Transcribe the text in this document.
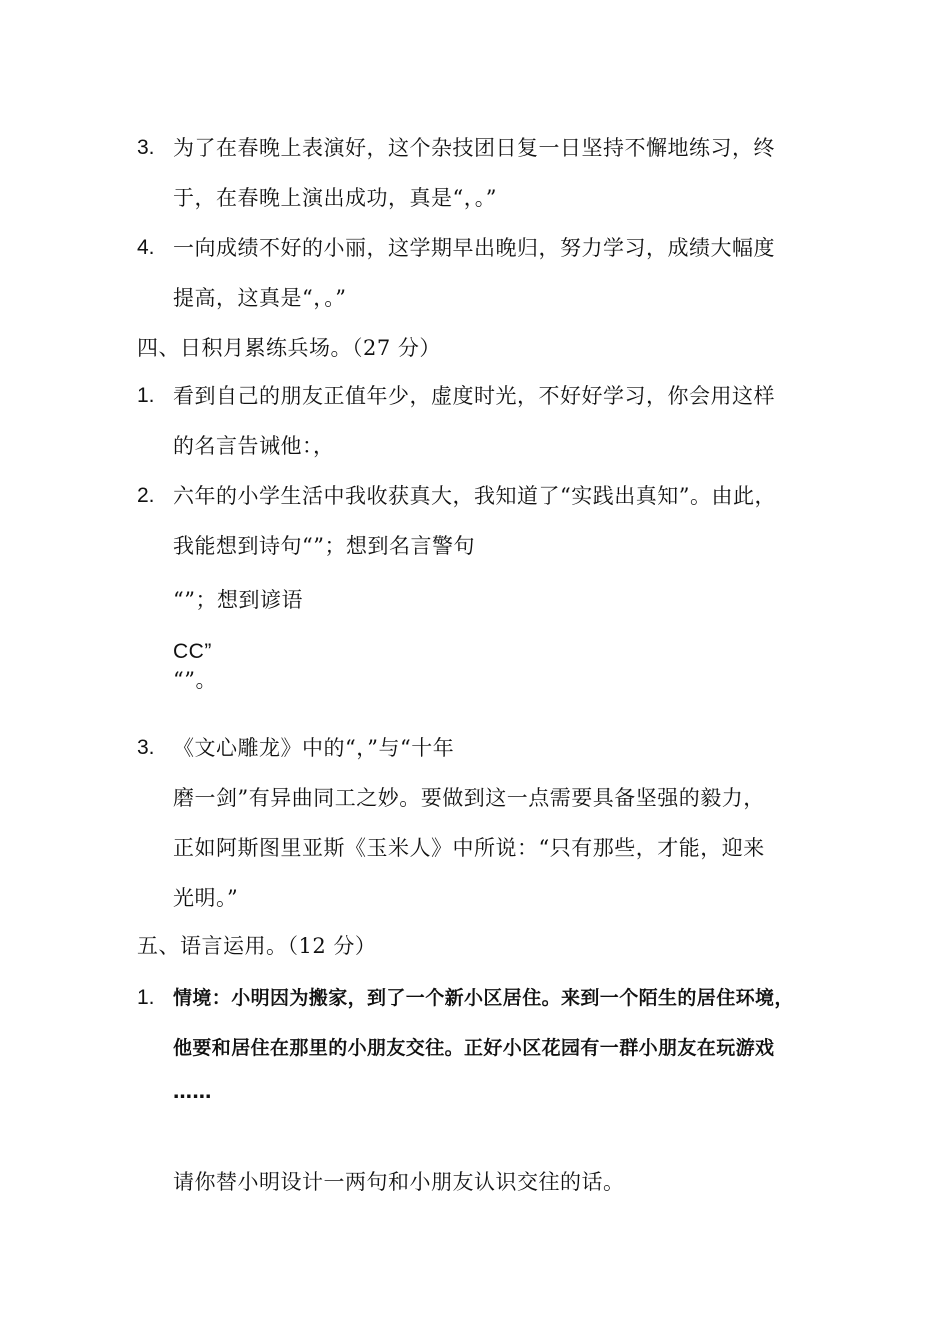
3. 为了在春晚上表演好，这个杂技团日复一日坚持不懈地练习，终
于，在春晚上演出成功，真是“，。”
4. 一向成绩不好的小丽，这学期早出晚归，努力学习，成绩大幅度
提高，这真是“，。”
四、日积月累练兵场。（27 分）
1. 看到自己的朋友正值年少，虚度时光，不好好学习，你会用这样
的名言告诫他：，
2. 六年的小学生活中我收获真大，我知道了“实践出真知”。由此，
我能想到诗句“”；想到名言警句
“”；想到谚语
CC”
“”。
3. 《文心雕龙》中的“，”与“十年
磨一剑”有异曲同工之妙。要做到这一点需要具备坚强的毅力，
正如阿斯图里亚斯《玉米人》中所说：“只有那些，才能，迎来
光明。”
五、语言运用。（12 分）
1. 情境：小明因为搬家，到了一个新小区居住。来到一个陌生的居住环境，
他要和居住在那里的小朋友交往。正好小区花园有一群小朋友在玩游戏
……
请你替小明设计一两句和小朋友认识交往的话。
